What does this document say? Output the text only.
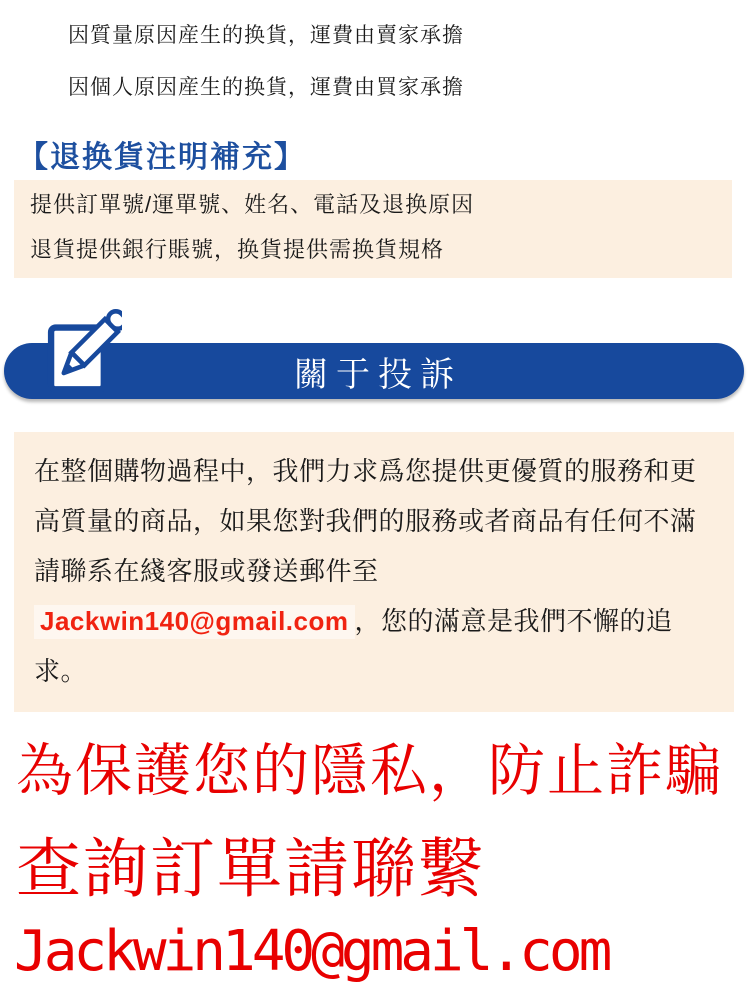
因質量原因産生的换貨，運費由賣家承擔

因個人原因産生的换貨，運費由買家承擔

【退换貨注明補充】

提供訂單號/運單號、姓名、電話及退换原因

退貨提供銀行賬號，换貨提供需换貨規格

關于投訴

在整個購物過程中，我們力求爲您提供更優質的服務和更高質量的商品，如果您對我們的服務或者商品有任何不滿請聯系在綫客服或發送郵件至Jackwin140@gmail.com ，您的滿意是我們不懈的追求。

為保護您的隱私，防止詐騙

查詢訂單請聯繫

Jackwin140@gmail.com
